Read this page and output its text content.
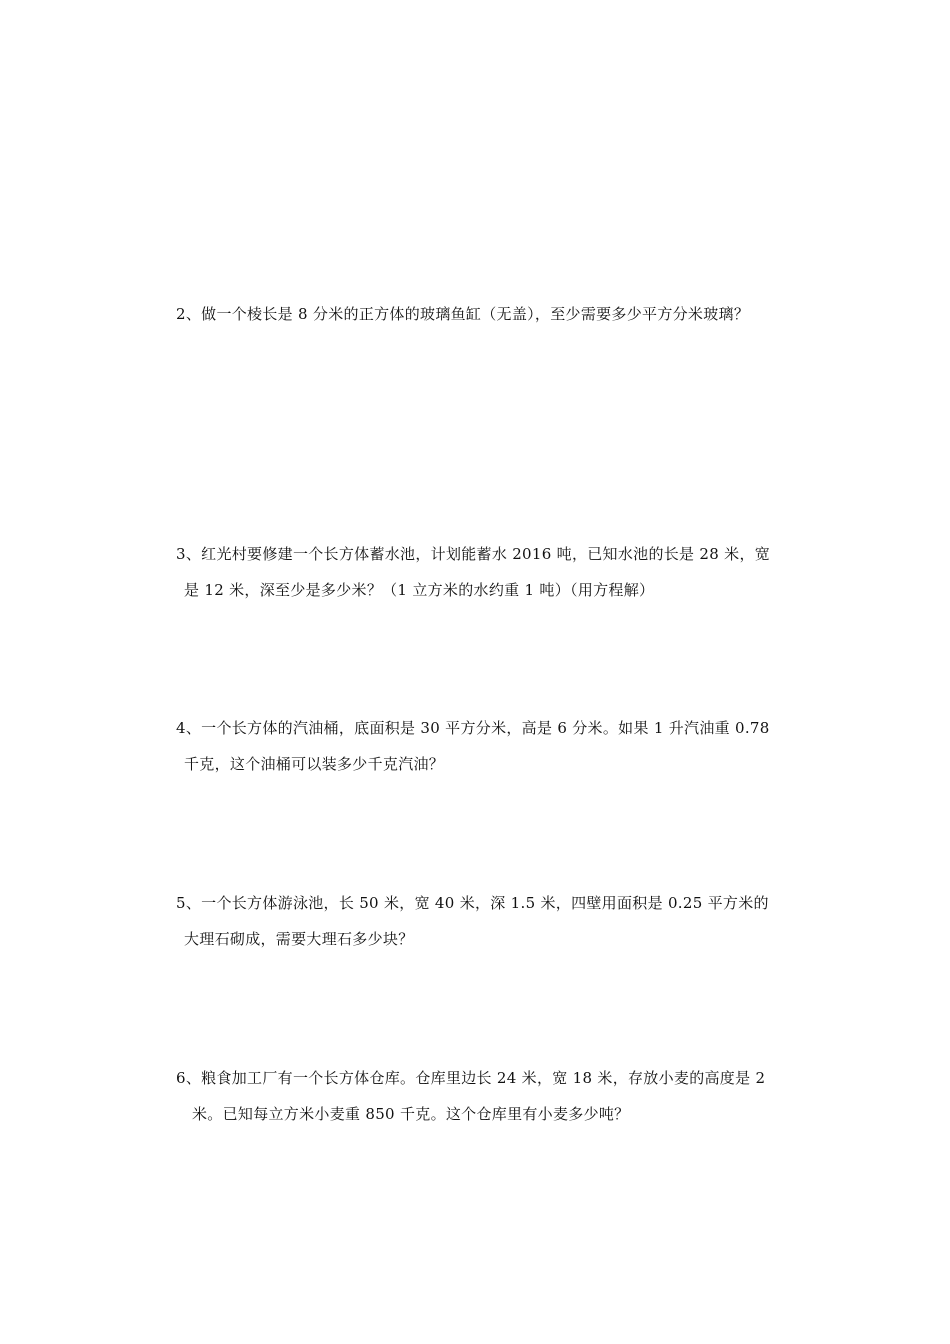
2、做一个棱长是 8 分米的正方体的玻璃鱼缸（无盖），至少需要多少平方分米玻璃？
3、红光村要修建一个长方体蓄水池，计划能蓄水 2016 吨，已知水池的长是 28 米，宽
是 12 米，深至少是多少米？（1 立方米的水约重 1 吨）（用方程解）
4、一个长方体的汽油桶，底面积是 30 平方分米，高是 6 分米。如果 1 升汽油重 0.78
千克，这个油桶可以装多少千克汽油？
5、一个长方体游泳池，长 50 米，宽 40 米，深 1.5 米，四壁用面积是 0.25 平方米的
大理石砌成，需要大理石多少块？
6、粮食加工厂有一个长方体仓库。仓库里边长 24 米，宽 18 米，存放小麦的高度是 2
米。已知每立方米小麦重 850 千克。这个仓库里有小麦多少吨？
